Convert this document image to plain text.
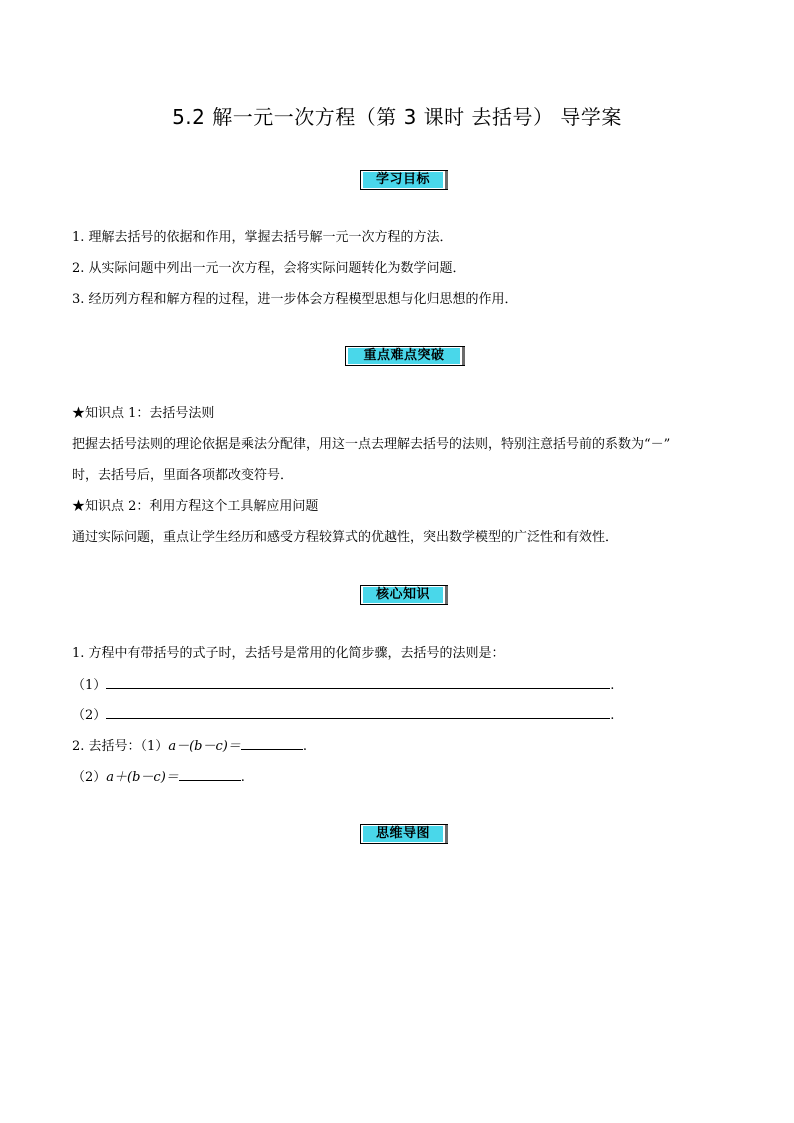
5.2 解一元一次方程（第 3 课时 去括号） 导学案
学习目标
1. 理解去括号的依据和作用，掌握去括号解一元一次方程的方法．
2. 从实际问题中列出一元一次方程，会将实际问题转化为数学问题．
3. 经历列方程和解方程的过程，进一步体会方程模型思想与化归思想的作用．
重点难点突破
★知识点 1：去括号法则
把握去括号法则的理论依据是乘法分配律，用这一点去理解去括号的法则，特别注意括号前的系数为“－”
时，去括号后，里面各项都改变符号．
★知识点 2：利用方程这个工具解应用问题
通过实际问题，重点让学生经历和感受方程较算式的优越性，突出数学模型的广泛性和有效性．
核心知识
1. 方程中有带括号的式子时，去括号是常用的化简步骤，去括号的法则是：
（1）	.
（2）	.
2. 去括号：（1）a－(b－c)＝	.
（2）a＋(b－c)＝	.
思维导图
